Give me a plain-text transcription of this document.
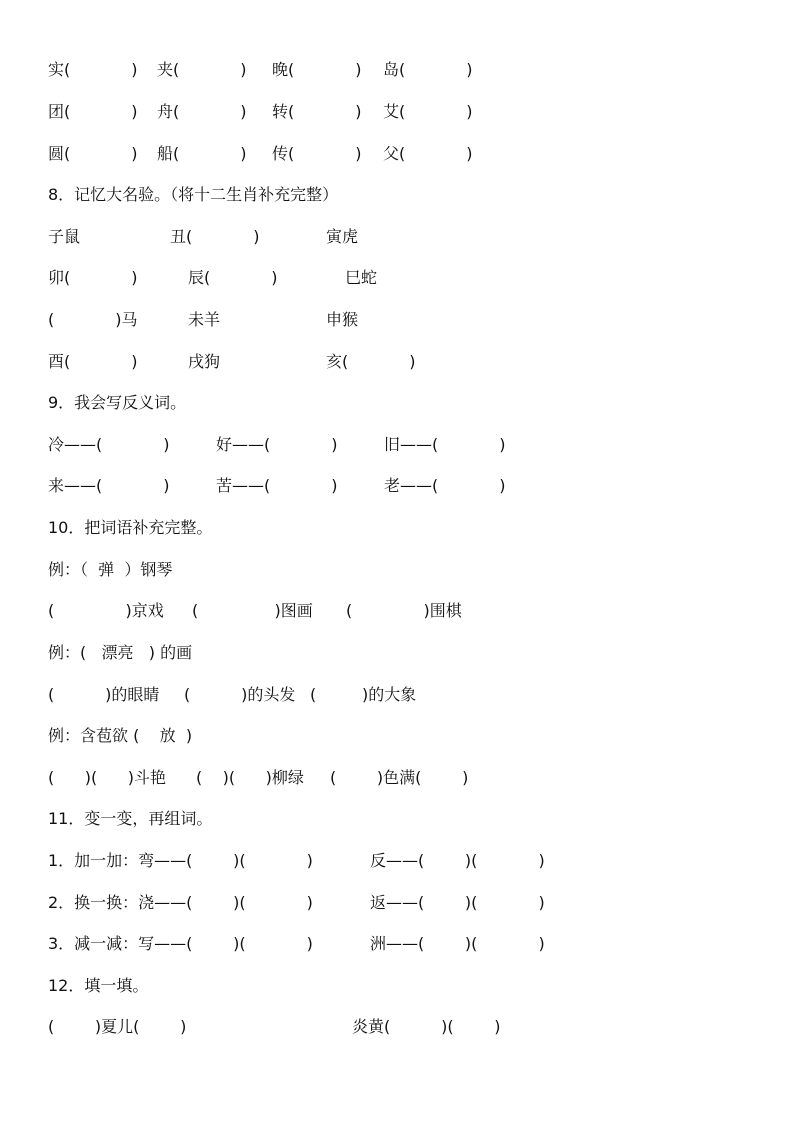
实(            ) 夹(            ) 晚(            ) 岛(            )
团(            ) 舟(            ) 转(            ) 艾(            )
圆(            ) 船(            ) 传(            ) 父(            )
8．记忆大名验。（将十二生肖补充完整）
子鼠	丑(            )	寅虎
卯(            )	辰(            )	巳蛇
(            )马	未羊	申猴
酉(            )	戌狗	亥(            )
9．我会写反义词。
冷——(            )	好——(            )	旧——(            )
来——(            )	苦——(            )	老——(            )
10．把词语补充完整。
例：（  弹  ）钢琴
(              )京戏 (               )图画 (              )围棋
例：(   漂亮   ) 的画
(          )的眼睛 (          )的头发 (         )的大象
例：含苞欲 (    放  )
(      )(      )斗艳 (    )(      )柳绿 (        )色满(        )
11．变一变，再组词。
1．加一加：弯——(        )(            )	反——(        )(            )
2．换一换：浇——(        )(            )	返——(        )(            )
3．减一减：写——(        )(            )	洲——(        )(            )
12．填一填。
(        )夏儿(        )	炎黄(          )(        )
